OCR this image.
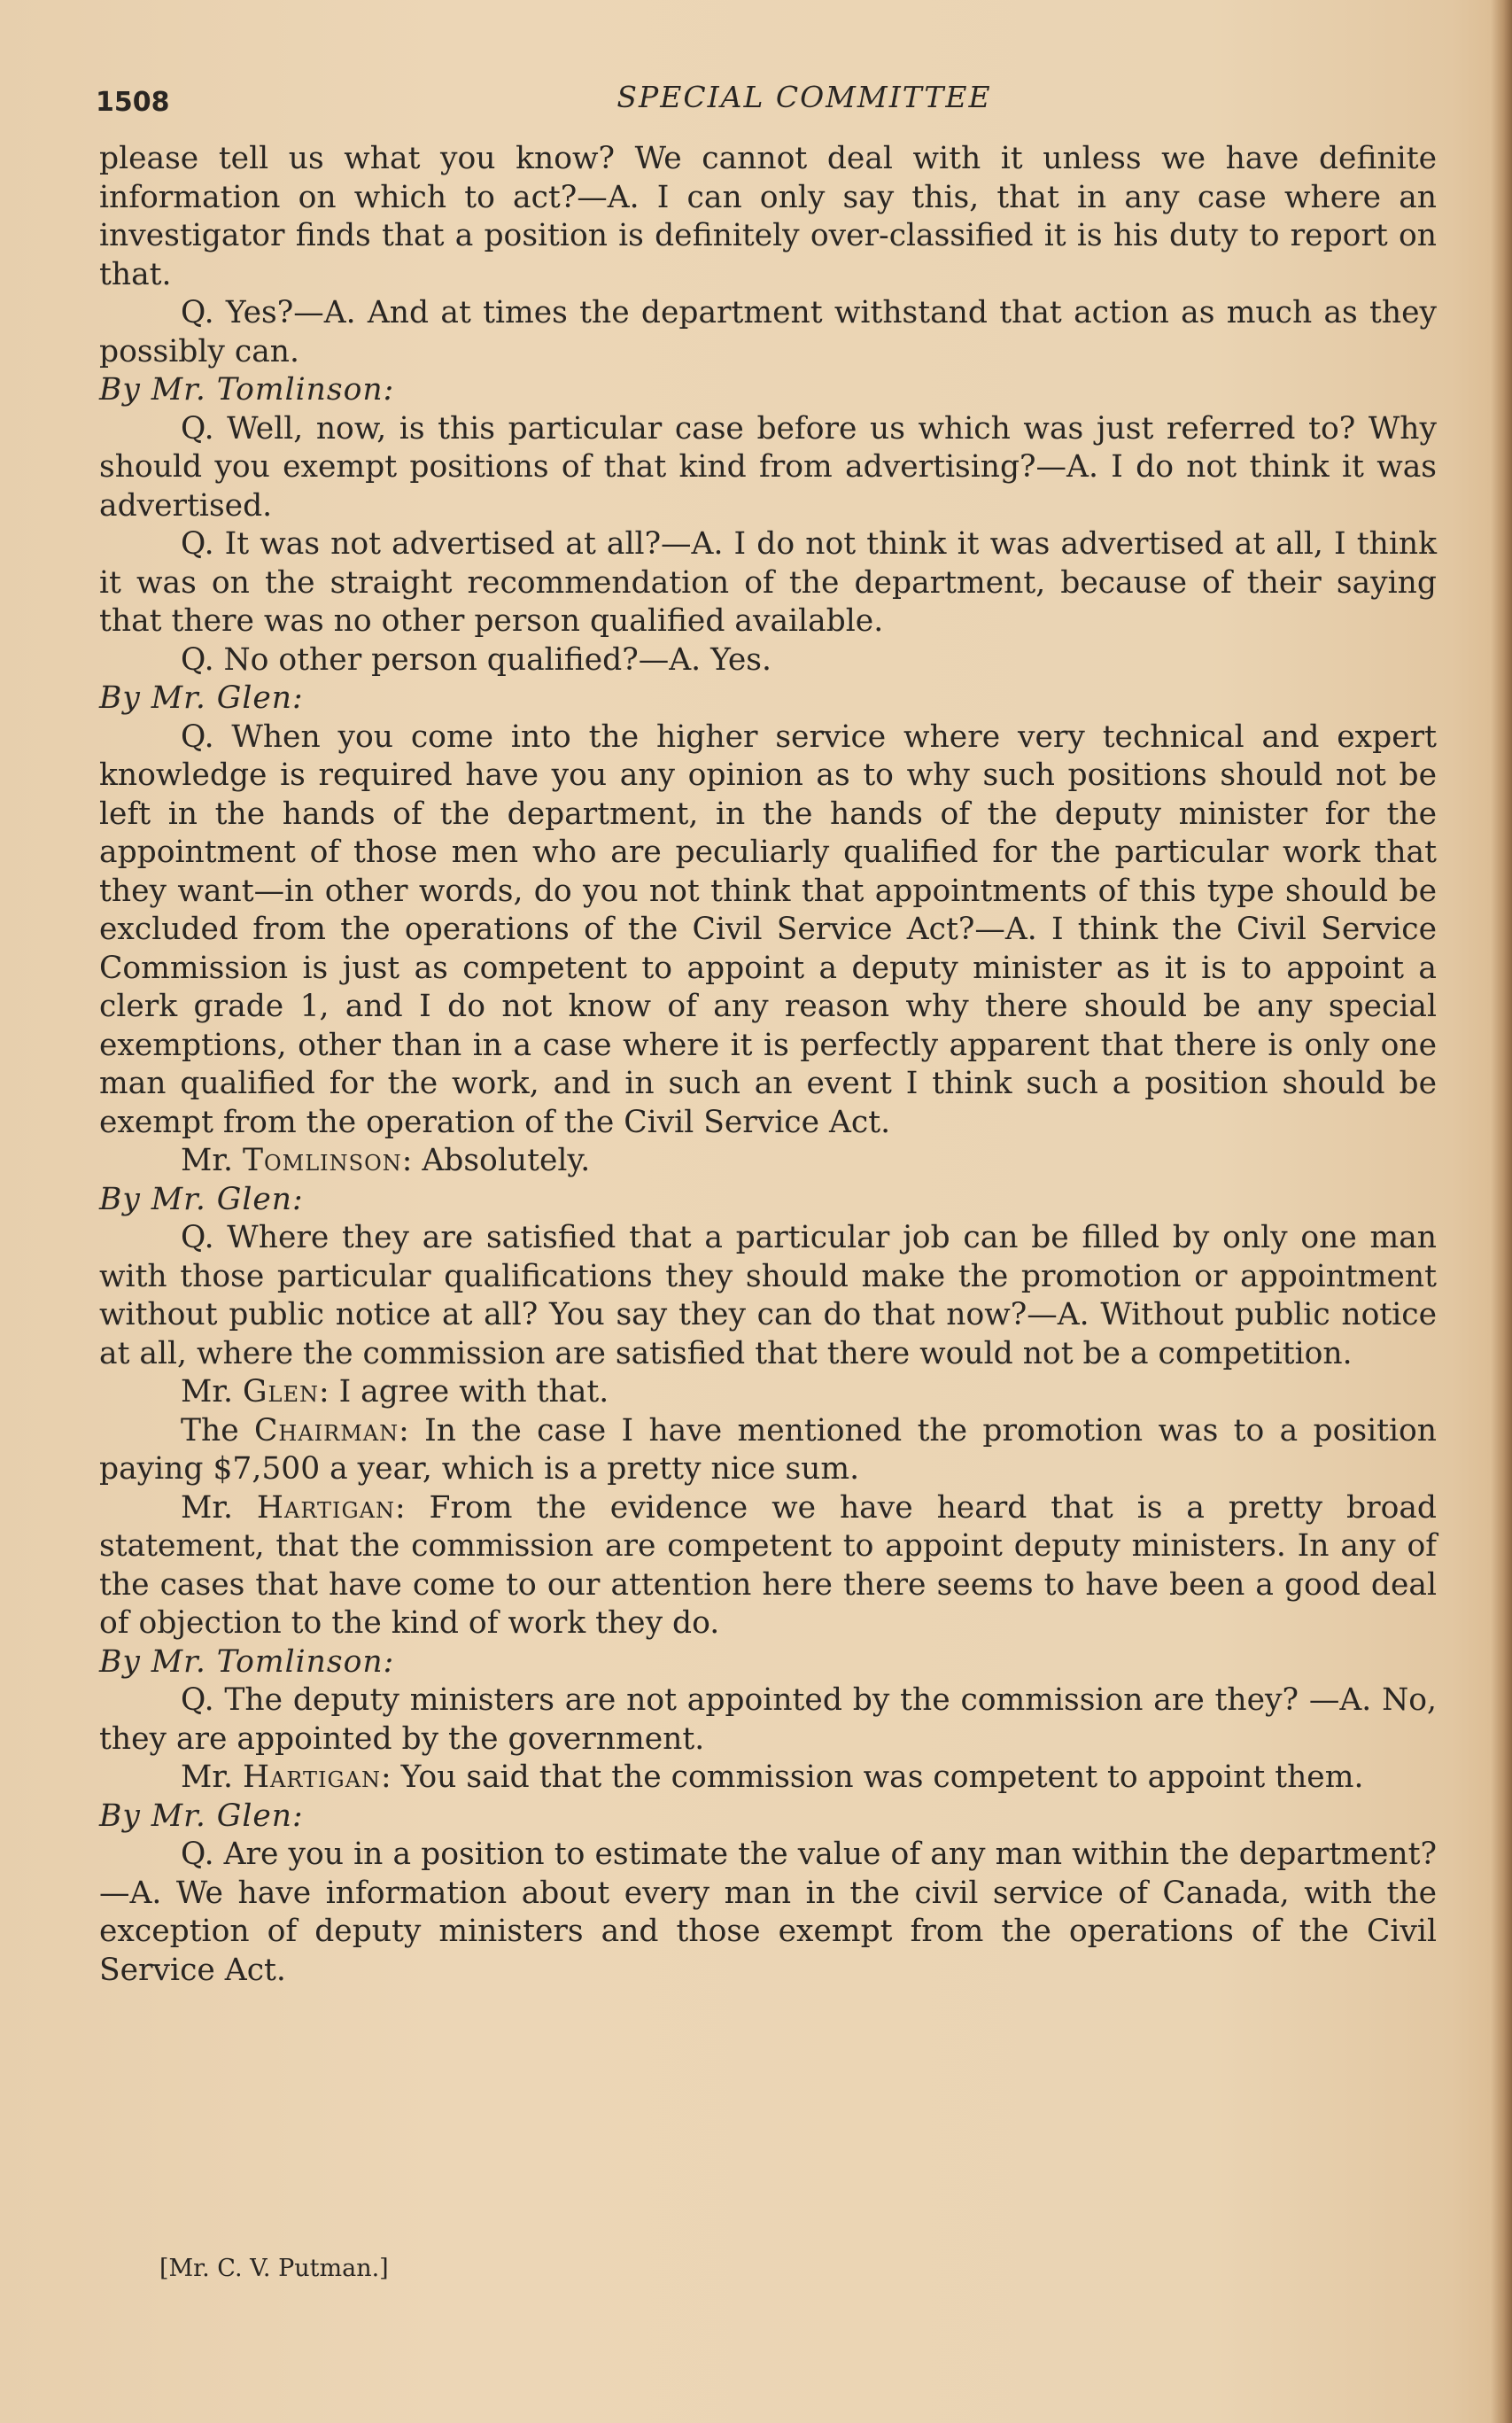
1508	SPECIAL COMMITTEE

please tell us what you know? We cannot deal with it unless we have definite information on which to act?—A. I can only say this, that in any case where an investigator finds that a position is definitely over-classified it is his duty to report on that.

Q. Yes?—A. And at times the department withstand that action as much as they possibly can.

By Mr. Tomlinson:

Q. Well, now, is this particular case before us which was just referred to? Why should you exempt positions of that kind from advertising?—A. I do not think it was advertised.

Q. It was not advertised at all?—A. I do not think it was advertised at all, I think it was on the straight recommendation of the department, because of their saying that there was no other person qualified available.

Q. No other person qualified?—A. Yes.

By Mr. Glen:

Q. When you come into the higher service where very technical and expert knowledge is required have you any opinion as to why such positions should not be left in the hands of the department, in the hands of the deputy minister for the appointment of those men who are peculiarly qualified for the particular work that they want—in other words, do you not think that appointments of this type should be excluded from the operations of the Civil Service Act?—A. I think the Civil Service Commission is just as competent to appoint a deputy minister as it is to appoint a clerk grade 1, and I do not know of any reason why there should be any special exemptions, other than in a case where it is perfectly apparent that there is only one man qualified for the work, and in such an event I think such a position should be exempt from the operation of the Civil Service Act.

Mr. Tomlinson: Absolutely.

By Mr. Glen:

Q. Where they are satisfied that a particular job can be filled by only one man with those particular qualifications they should make the promotion or appointment without public notice at all? You say they can do that now?—A. Without public notice at all, where the commission are satisfied that there would not be a competition.

Mr. Glen: I agree with that.

The Chairman: In the case I have mentioned the promotion was to a position paying $7,500 a year, which is a pretty nice sum.

Mr. Hartigan: From the evidence we have heard that is a pretty broad statement, that the commission are competent to appoint deputy ministers. In any of the cases that have come to our attention here there seems to have been a good deal of objection to the kind of work they do.

By Mr. Tomlinson:

Q. The deputy ministers are not appointed by the commission are they? —A. No, they are appointed by the government.

Mr. Hartigan: You said that the commission was competent to appoint them.

By Mr. Glen:

Q. Are you in a position to estimate the value of any man within the department?—A. We have information about every man in the civil service of Canada, with the exception of deputy ministers and those exempt from the operations of the Civil Service Act.

[Mr. C. V. Putman.]
